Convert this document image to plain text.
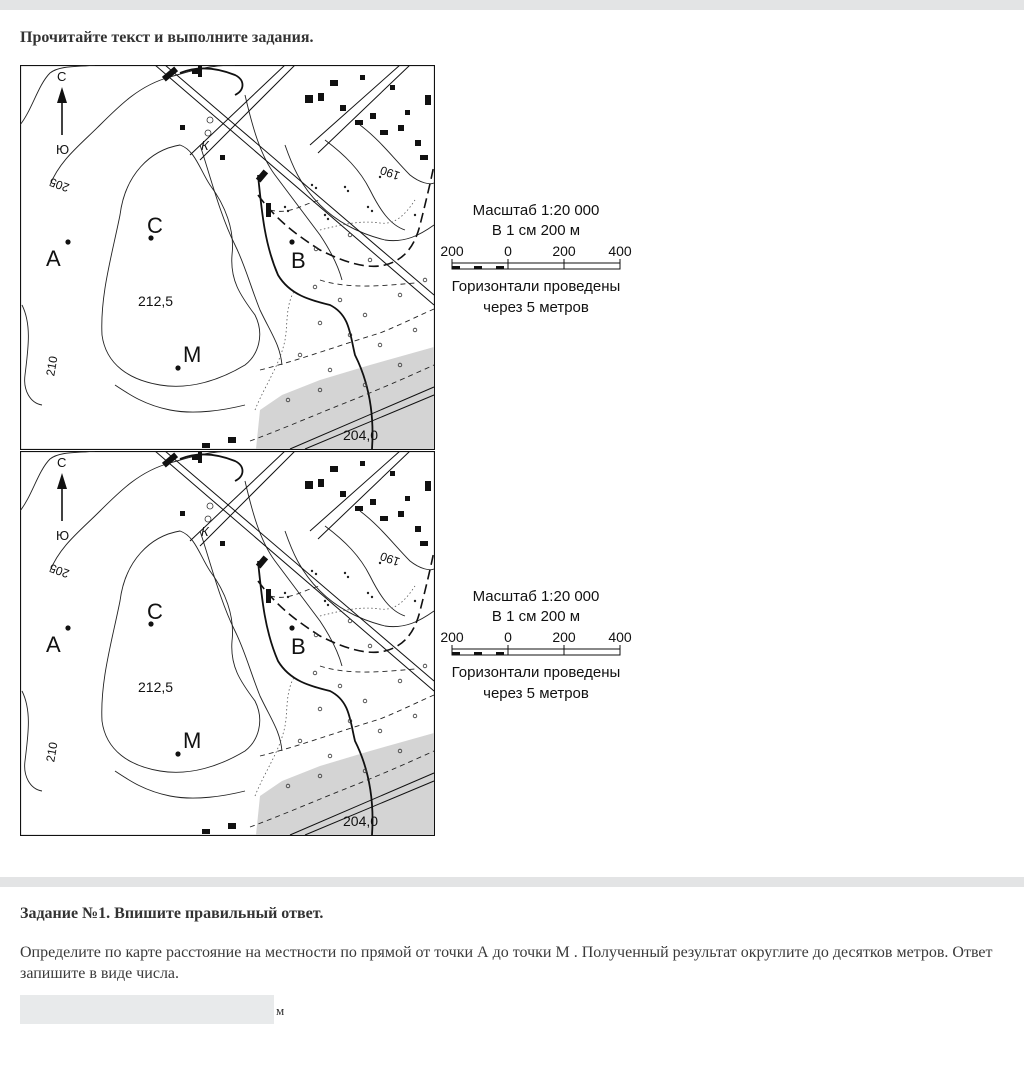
Прочитайте текст и выполните задания.
С
Ю
А
С
В
М
К
212,5
204,0
205
210
190
Масштаб 1:20 000
В 1 см 200 м
200	0	200 400
Горизонтали проведены
через 5 метров
С
Ю
А
С
В
М
К
212,5
204,0
205
210
190
Масштаб 1:20 000
В 1 см 200 м
200	0	200 400
Горизонтали проведены
через 5 метров
Задание №1. Впишите правильный ответ.
Определите по карте расстояние на местности по прямой от точки А до точки М . Полученный результат округлите до десятков метров. Ответ запишите в виде числа.
м
